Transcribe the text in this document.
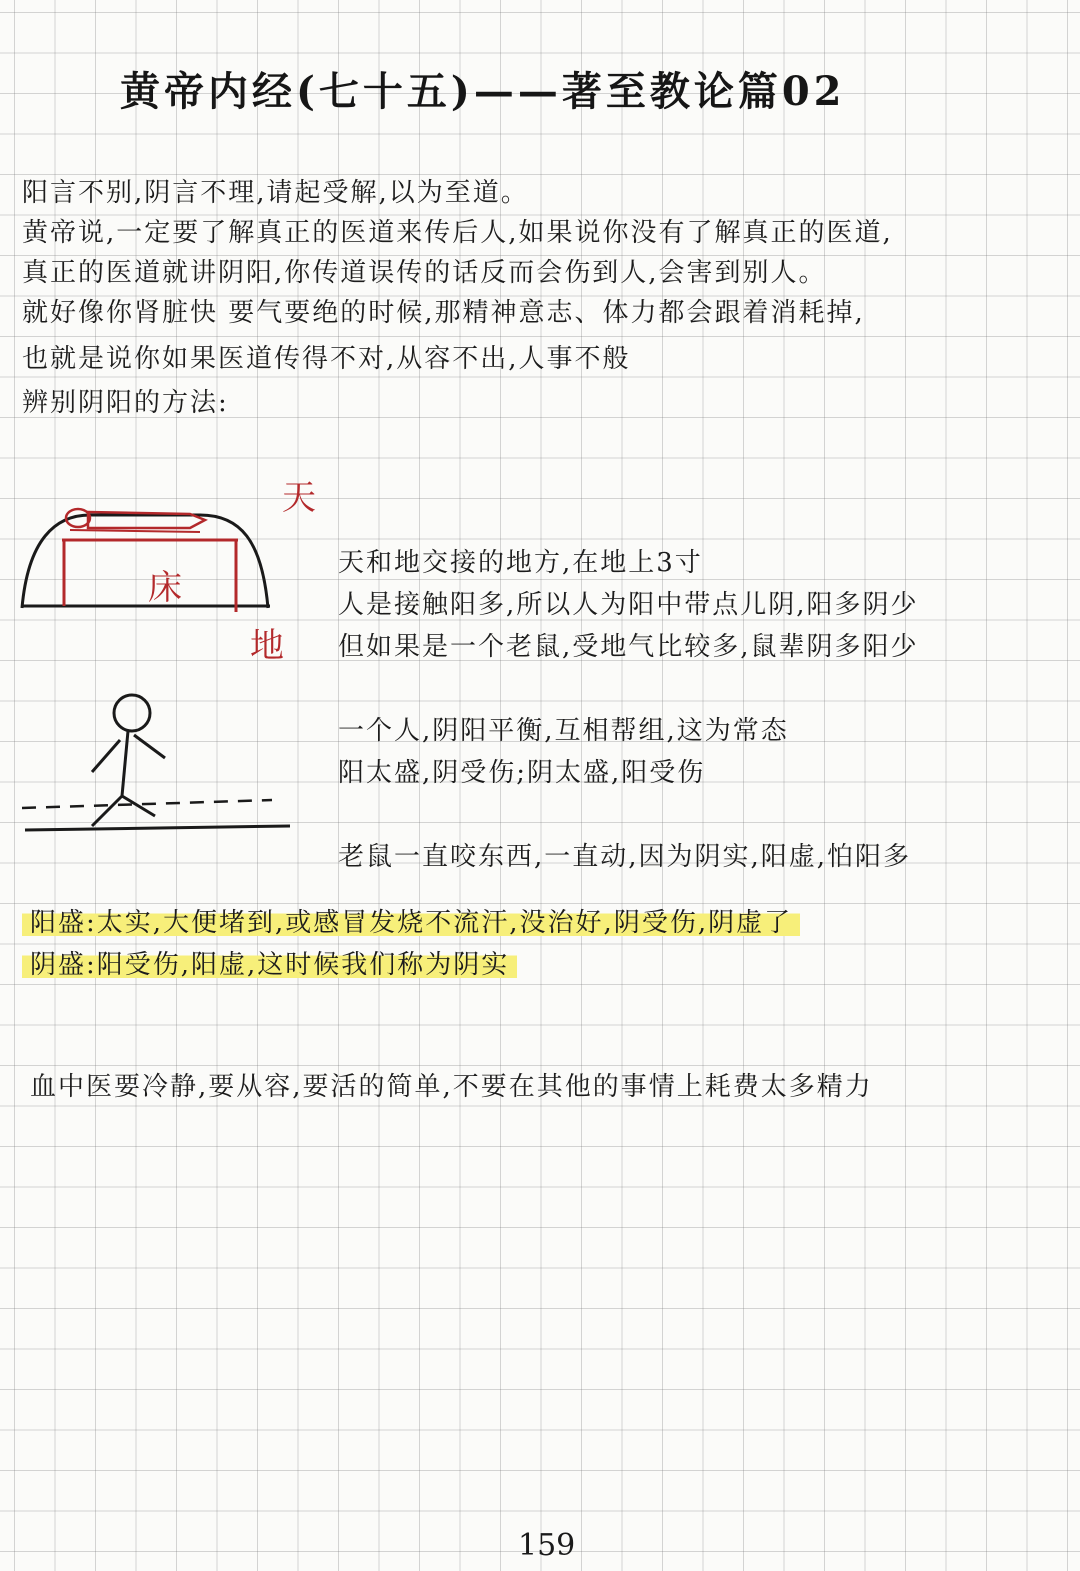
黄帝内经(七十五)——著至教论篇02
阳言不别,阴言不理,请起受解,以为至道。
黄帝说,一定要了解真正的医道来传后人,如果说你没有了解真正的医道,
真正的医道就讲阴阳,你传道误传的话反而会伤到人,会害到别人。
就好像你肾脏快 要气要绝的时候,那精神意志、体力都会跟着消耗掉,
也就是说你如果医道传得不对,从容不出,人事不般
辨别阴阳的方法:
天
床
地
天和地交接的地方,在地上3寸
人是接触阳多,所以人为阳中带点儿阴,阳多阴少
但如果是一个老鼠,受地气比较多,鼠辈阴多阳少
一个人,阴阳平衡,互相帮组,这为常态
阳太盛,阴受伤;阴太盛,阳受伤
老鼠一直咬东西,一直动,因为阴实,阳虚,怕阳多
阳盛:太实,大便堵到,或感冒发烧不流汗,没治好,阴受伤,阴虚了
阴盛:阳受伤,阳虚,这时候我们称为阴实
血中医要冷静,要从容,要活的简单,不要在其他的事情上耗费太多精力
159
